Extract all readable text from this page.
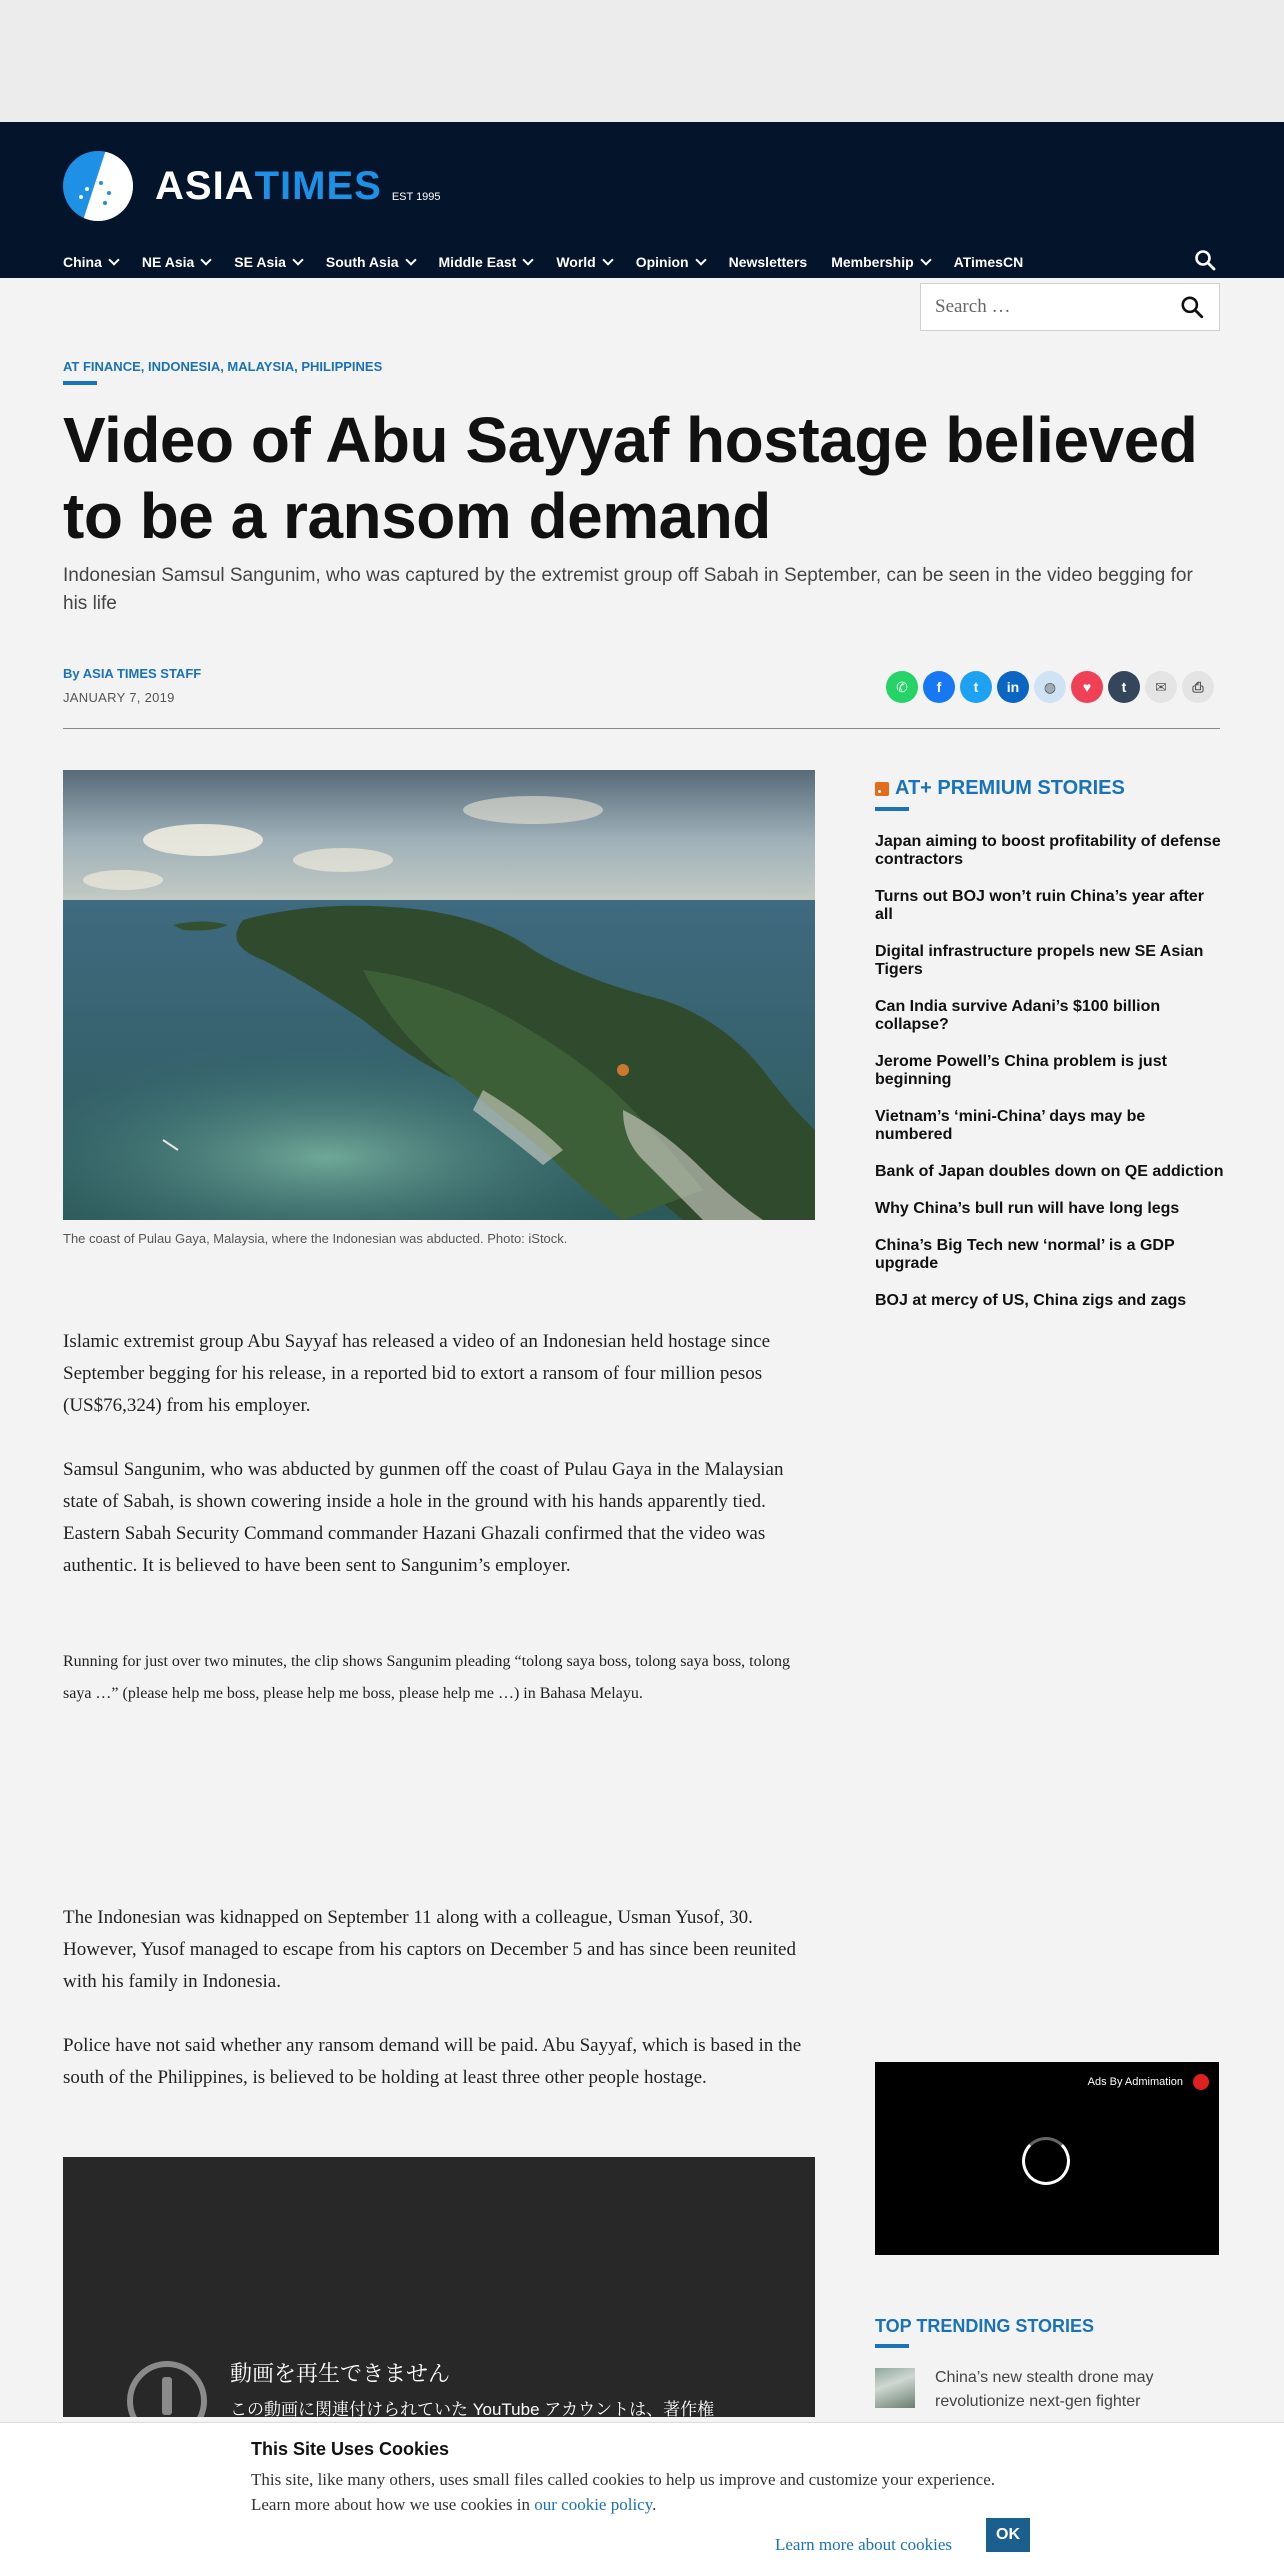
ASIA TIMES EST 1995
China	NE Asia	SE Asia	South Asia	Middle East	World	Opinion	Newsletters Membership	ATimesCN
Search …
AT FINANCE, INDONESIA, MALAYSIA, PHILIPPINES
Video of Abu Sayyaf hostage believed to be a ransom demand

Indonesian Samsul Sangunim, who was captured by the extremist group off Sabah in September, can be seen in the video begging for his life

By ASIA TIMES STAFF
JANUARY 7, 2019
✆	f	t	in	◍	♥	t	✉	⎙
The coast of Pulau Gaya, Malaysia, where the Indonesian was abducted. Photo: iStock.

Islamic extremist group Abu Sayyaf has released a video of an Indonesian held hostage since September begging for his release, in a reported bid to extort a ransom of four million pesos (US$76,324) from his employer.

Samsul Sangunim, who was abducted by gunmen off the coast of Pulau Gaya in the Malaysian state of Sabah, is shown cowering inside a hole in the ground with his hands apparently tied. Eastern Sabah Security Command commander Hazani Ghazali confirmed that the video was authentic. It is believed to have been sent to Sangunim’s employer.

Running for just over two minutes, the clip shows Sangunim pleading “tolong saya boss, tolong saya boss, tolong saya …” (please help me boss, please help me boss, please help me …) in Bahasa Melayu.

The Indonesian was kidnapped on September 11 along with a colleague, Usman Yusof, 30. However, Yusof managed to escape from his captors on December 5 and has since been reunited with his family in Indonesia.

Police have not said whether any ransom demand will be paid. Abu Sayyaf, which is based in the south of the Philippines, is believed to be holding at least three other people hostage.

動画を再生できません
この動画に関連付けられていた YouTube アカウントは、著作権
AT+ PREMIUM STORIES
Japan aiming to boost profitability of defense contractors
Turns out BOJ won’t ruin China’s year after all
Digital infrastructure propels new SE Asian Tigers
Can India survive Adani’s $100 billion collapse?
Jerome Powell’s China problem is just beginning
Vietnam’s ‘mini-China’ days may be numbered
Bank of Japan doubles down on QE addiction
Why China’s bull run will have long legs
China’s Big Tech new ‘normal’ is a GDP upgrade
BOJ at mercy of US, China zigs and zags
Ads By Admimation
TOP TRENDING STORIES
China’s new stealth drone may revolutionize next-gen fighter
This Site Uses Cookies
This site, like many others, uses small files called cookies to help us improve and customize your experience. Learn more about how we use cookies in our cookie policy.
Learn more about cookies
OK
